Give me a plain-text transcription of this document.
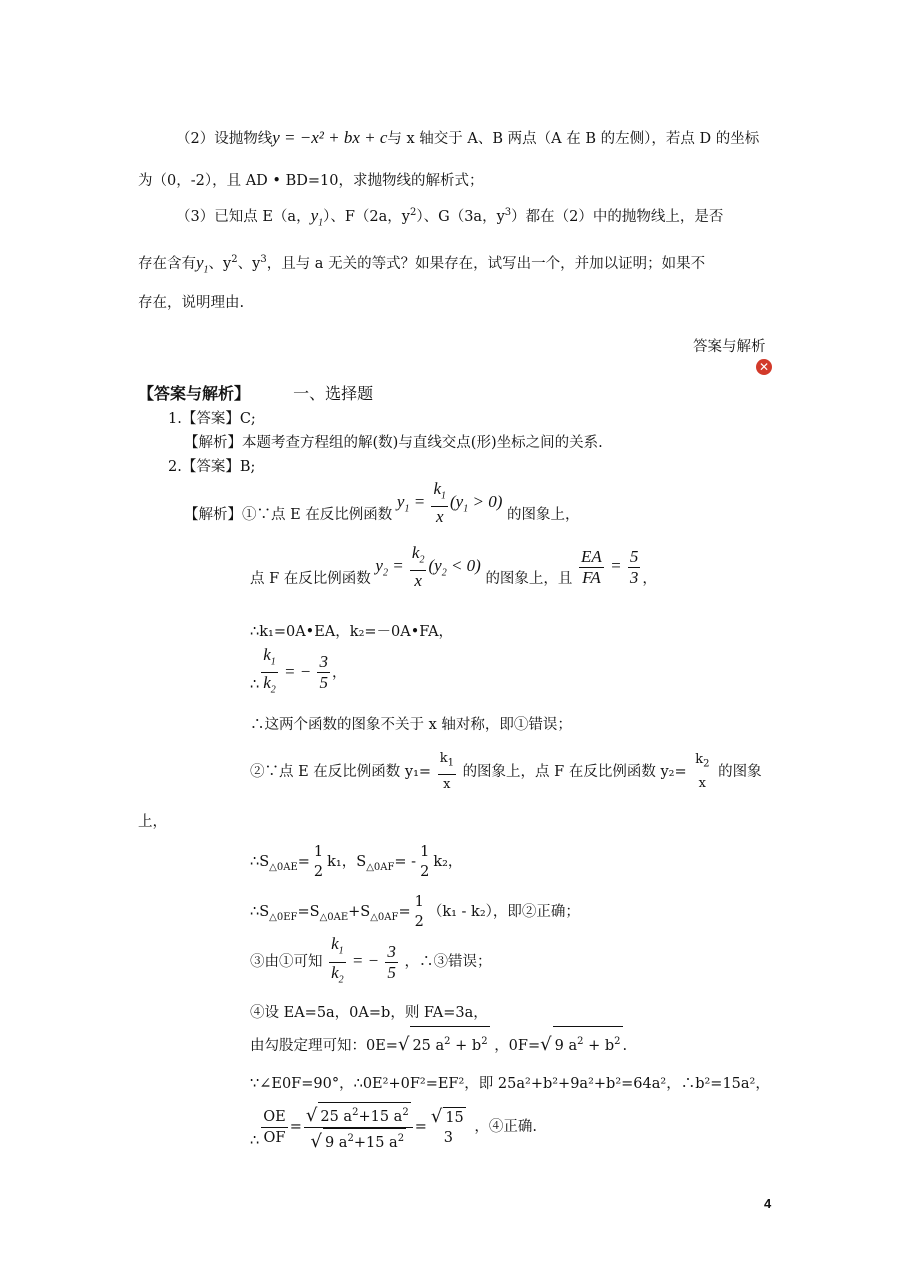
（2）设抛物线y = −x² + bx + c与 x 轴交于 A、B 两点（A 在 B 的左侧），若点 D 的坐标
为（0，-2），且 AD • BD=10，求抛物线的解析式；
（3）已知点 E（a，$y_1$）、F（2a，$y^2$）、G（3a，$y^3$）都在（2）中的抛物线上，是否
存在含有$y_1$、$y^2$、$y^3$，且与 a 无关的等式？如果存在，试写出一个，并加以证明；如果不
存在，说明理由.
答案与解析
✕
【答案与解析】	一、选择题
1.【答案】C;
【解析】本题考查方程组的解(数)与直线交点(形)坐标之间的关系.
2.【答案】B;
【解析】①∵点 E 在反比例函数 $y_1 = \frac{k_1}{x} (y_1 > 0)$ 的图象上，
点 F 在反比例函数 $y_2 = \frac{k_2}{x} (y_2 < 0)$ 的图象上，且 $\frac{EA}{FA} = \frac{5}{3}$ ，
∴k₁=0A•EA，k₂=－0A•FA，
∴ $\frac{k_1}{k_2}$ = − $\frac{3}{5}$ ，
∴这两个函数的图象不关于 x 轴对称，即①错误；
②∵点 E 在反比例函数 $y_1= \frac{k_1}{x}$ 的图象上，点 F 在反比例函数 y₂=
$k_2$
x
的图象
上，
$\therefore S_{\triangle 0AE}=$
1
2
k₁，$S_{\triangle 0AF}=$ -
1
2
k₂，
$\therefore S_{\triangle 0EF}=S_{\triangle 0AE}+S_{\triangle 0AF}=$
1
2
（k₁ - k₂），即②正确；
③由①可知 $\frac{k_1}{k_2}$ = − $\frac{3}{5}$ ，∴③错误；
④设 EA=5a，0A=b，则 FA=3a，
由勾股定理可知：0E=√ 25 $a^2 + b^2$ ，0F=√ 9 $a^2 + b^2$ .
∵∠E0F=90°，∴0E²+0F²=EF²，即 25a²+b²+9a²+b²=64a²，∴b²=15a²，
∴ $\frac{OE}{OF} = \frac{√ 25 a^2+15 a^2}{√ 9 a^2+15 a^2}$ =
√ 15
3
，④正确.
4
